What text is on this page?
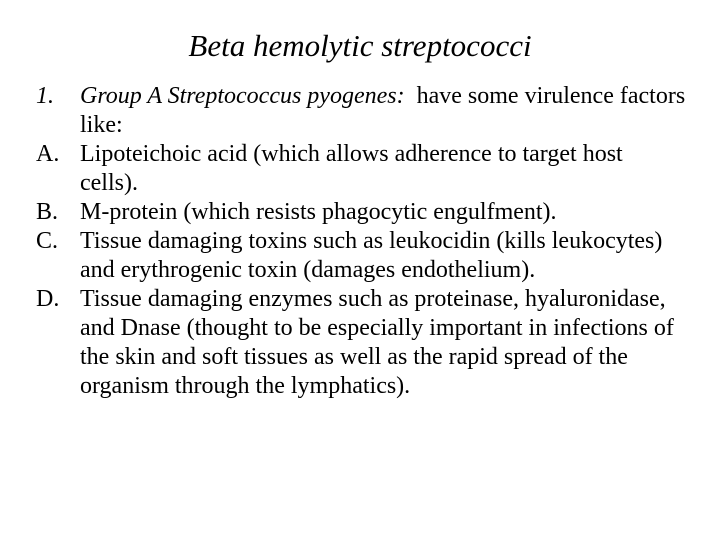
Beta hemolytic streptococci
1.	Group A Streptococcus pyogenes:  have some virulence factors like:
A. Lipoteichoic acid (which allows adherence to target host cells).
B. M-protein (which resists phagocytic engulfment).
C. Tissue damaging toxins such as leukocidin (kills leukocytes) and erythrogenic toxin (damages endothelium).
D. Tissue damaging enzymes such as proteinase, hyaluronidase, and Dnase (thought to be especially important in infections of the skin and soft tissues as well as the rapid spread of the organism through the lymphatics).
